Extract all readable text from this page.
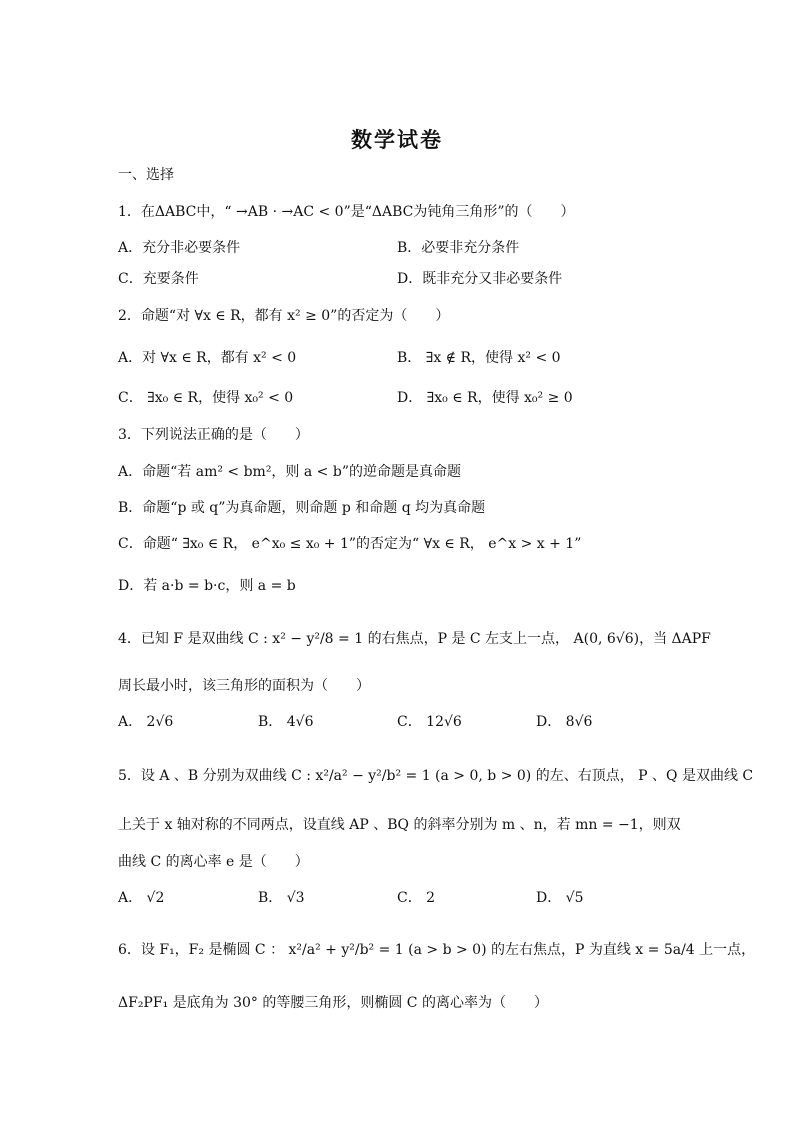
数学试卷
一、选择
1．在ΔABC中，“ →AB · →AC < 0”是“ΔABC为钝角三角形”的（　　）
A．充分非必要条件	B．必要非充分条件
C．充要条件	D．既非充分又非必要条件
2．命题“对 ∀x ∈ R，都有 x² ≥ 0”的否定为（　　）
A．对 ∀x ∈ R，都有 x² < 0	B． ∃x ∉ R，使得 x² < 0
C． ∃x₀ ∈ R，使得 x₀² < 0	D． ∃x₀ ∈ R，使得 x₀² ≥ 0
3．下列说法正确的是（　　）
A．命题“若 am² < bm²，则 a < b”的逆命题是真命题
B．命题“p 或 q”为真命题，则命题 p 和命题 q 均为真命题
C．命题“ ∃x₀ ∈ R， e^x₀ ≤ x₀ + 1”的否定为“ ∀x ∈ R， e^x > x + 1”
D．若 a·b = b·c，则 a = b
4．已知 F 是双曲线 C : x² − y²/8 = 1 的右焦点，P 是 C 左支上一点， A(0, 6√6)，当 ΔAPF
周长最小时，该三角形的面积为（　　）
A． 2√6	B． 4√6	C． 12√6	D． 8√6
5．设 A 、B 分别为双曲线 C : x²/a² − y²/b² = 1 (a > 0, b > 0) 的左、右顶点， P 、Q 是双曲线 C
上关于 x 轴对称的不同两点，设直线 AP 、BQ 的斜率分别为 m 、n，若 mn = −1，则双
曲线 C 的离心率 e 是（　　）
A． √2	B． √3	C． 2	D． √5
6．设 F₁，F₂ 是椭圆 C ： x²/a² + y²/b² = 1 (a > b > 0) 的左右焦点，P 为直线 x = 5a/4 上一点，
ΔF₂PF₁ 是底角为 30° 的等腰三角形，则椭圆 C 的离心率为（　　）
